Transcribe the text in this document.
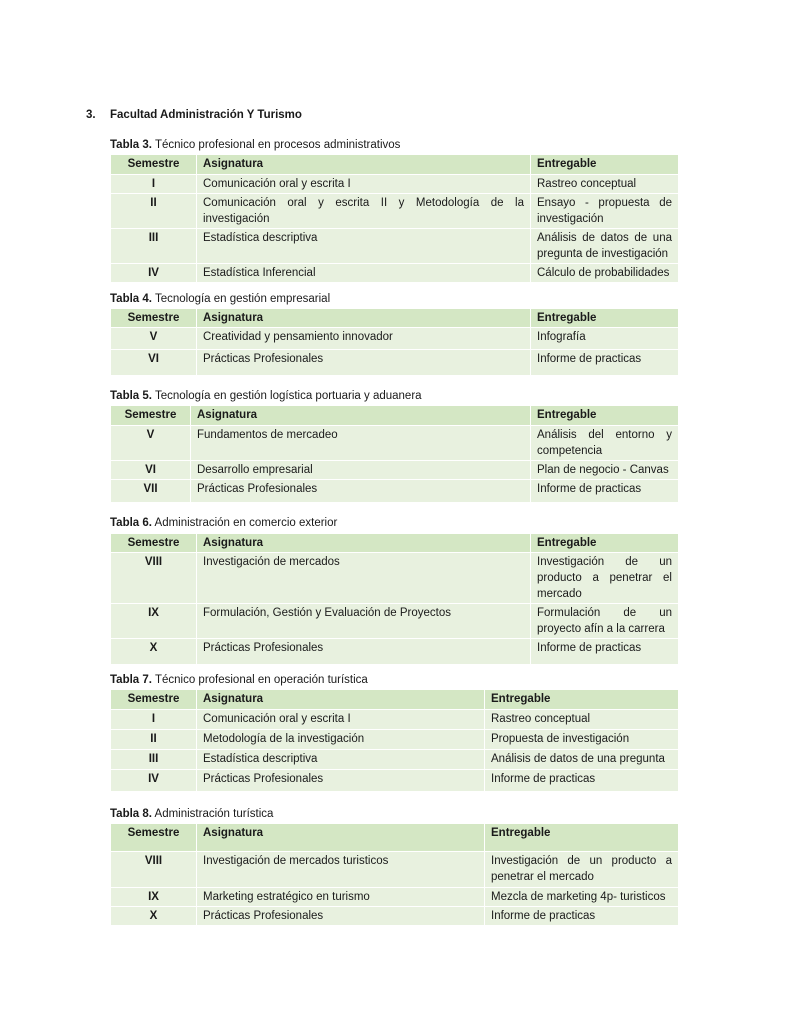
3. Facultad Administración Y Turismo
Tabla 3. Técnico profesional en procesos administrativos
Semestre	Asignatura	Entregable
I	Comunicación oral y escrita I	Rastreo conceptual
II	Comunicación oral y escrita II y Metodología de la investigación	Ensayo - propuesta de investigación
III	Estadística descriptiva	Análisis de datos de una pregunta de investigación
IV	Estadística Inferencial	Cálculo de probabilidades
Tabla 4. Tecnología en gestión empresarial
Semestre	Asignatura	Entregable
V	Creatividad y pensamiento innovador	Infografía
VI	Prácticas Profesionales	Informe de practicas
Tabla 5. Tecnología en gestión logística portuaria y aduanera
Semestre	Asignatura	Entregable
V	Fundamentos de mercadeo	Análisis del entorno y competencia
VI	Desarrollo empresarial	Plan de negocio - Canvas
VII	Prácticas Profesionales	Informe de practicas
Tabla 6. Administración en comercio exterior
Semestre	Asignatura	Entregable
VIII	Investigación de mercados	Investigación de un producto a penetrar el mercado
IX	Formulación, Gestión y Evaluación de Proyectos	Formulación de un proyecto afín a la carrera
X	Prácticas Profesionales	Informe de practicas
Tabla 7. Técnico profesional en operación turística
Semestre	Asignatura	Entregable
I	Comunicación oral y escrita I	Rastreo conceptual
II	Metodología de la investigación	Propuesta de investigación
III	Estadística descriptiva	Análisis de datos de una pregunta
IV	Prácticas Profesionales	Informe de practicas
Tabla 8. Administración turística
Semestre	Asignatura	Entregable
VIII	Investigación de mercados turisticos	Investigación de un producto a penetrar el mercado
IX	Marketing estratégico en turismo	Mezcla de marketing 4p- turisticos
X	Prácticas Profesionales	Informe de practicas
